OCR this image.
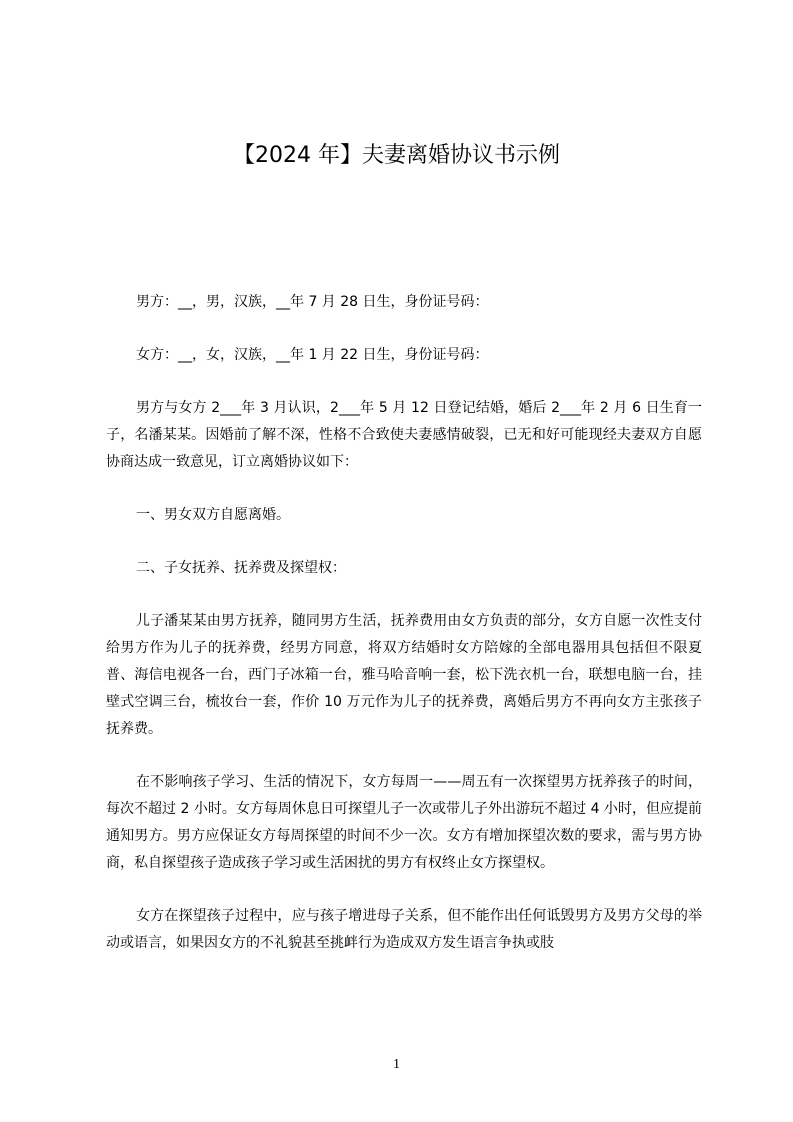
【2024 年】夫妻离婚协议书示例

男方：__，男，汉族，__年 7 月 28 日生，身份证号码：

女方：__，女，汉族，__年 1 月 22 日生，身份证号码：

男方与女方 2___年 3 月认识，2___年 5 月 12 日登记结婚，婚后 2___年 2 月 6 日生育一子，名潘某某。因婚前了解不深，性格不合致使夫妻感情破裂，已无和好可能现经夫妻双方自愿协商达成一致意见，订立离婚协议如下：

一、男女双方自愿离婚。

二、子女抚养、抚养费及探望权：

儿子潘某某由男方抚养，随同男方生活，抚养费用由女方负责的部分，女方自愿一次性支付给男方作为儿子的抚养费，经男方同意，将双方结婚时女方陪嫁的全部电器用具包括但不限夏普、海信电视各一台，西门子冰箱一台，雅马哈音响一套，松下洗衣机一台，联想电脑一台，挂壁式空调三台，梳妆台一套，作价 10 万元作为儿子的抚养费，离婚后男方不再向女方主张孩子抚养费。

在不影响孩子学习、生活的情况下，女方每周一——周五有一次探望男方抚养孩子的时间，每次不超过 2 小时。女方每周休息日可探望儿子一次或带儿子外出游玩不超过 4 小时，但应提前通知男方。男方应保证女方每周探望的时间不少一次。女方有增加探望次数的要求，需与男方协商，私自探望孩子造成孩子学习或生活困扰的男方有权终止女方探望权。

女方在探望孩子过程中，应与孩子增进母子关系，但不能作出任何诋毁男方及男方父母的举动或语言，如果因女方的不礼貌甚至挑衅行为造成双方发生语言争执或肢

1
